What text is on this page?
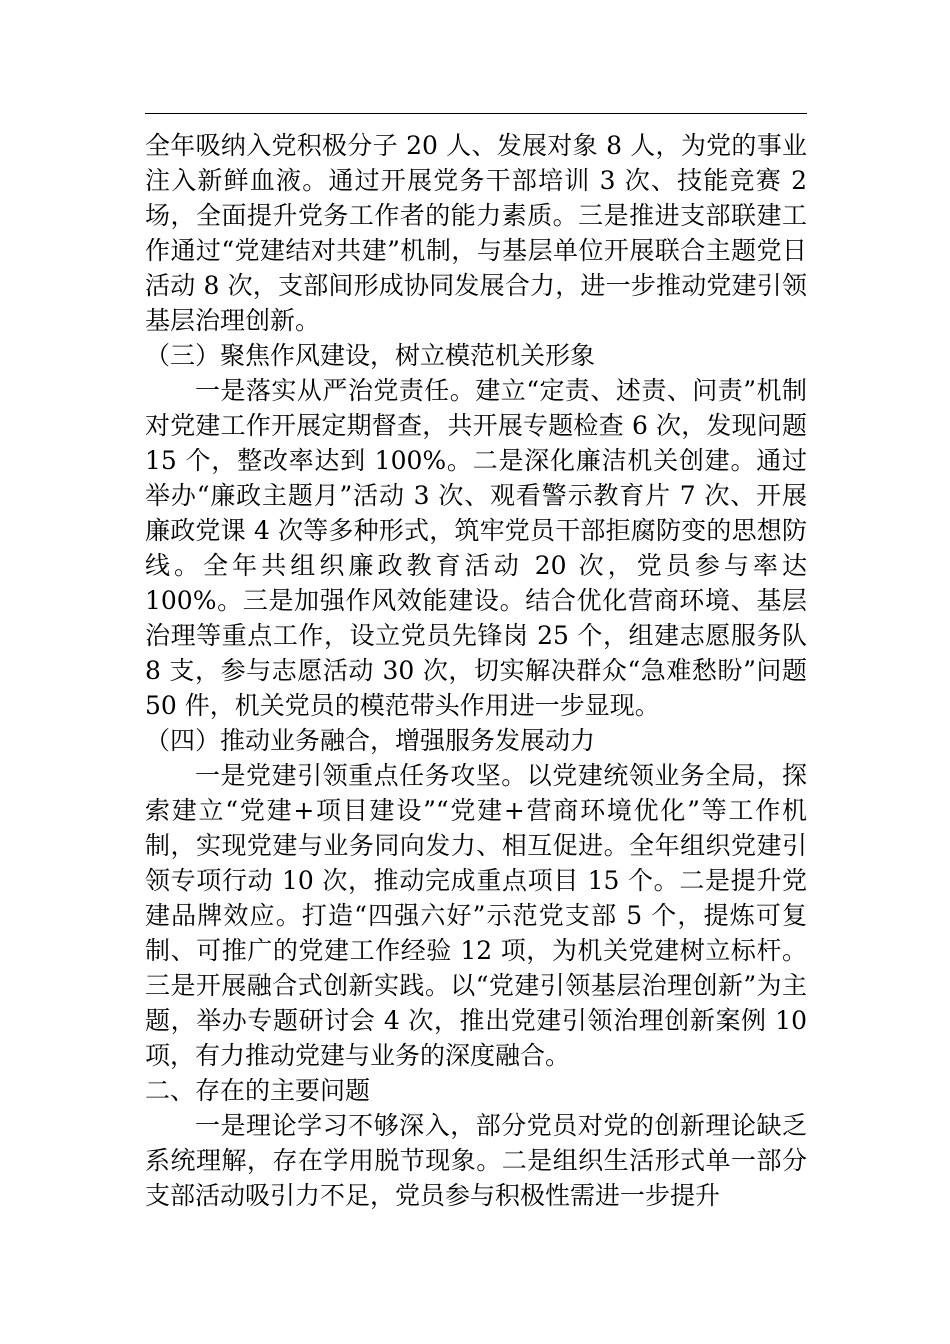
全年吸纳入党积极分子 20 人、发展对象 8 人，为党的事业注入新鲜血液。通过开展党务干部培训 3 次、技能竞赛 2 场，全面提升党务工作者的能力素质。三是推进支部联建工作通过“党建结对共建”机制，与基层单位开展联合主题党日活动 8 次，支部间形成协同发展合力，进一步推动党建引领基层治理创新。

（三）聚焦作风建设，树立模范机关形象

一是落实从严治党责任。建立“定责、述责、问责”机制对党建工作开展定期督查，共开展专题检查 6 次，发现问题 15 个，整改率达到 100%。二是深化廉洁机关创建。通过举办“廉政主题月”活动 3 次、观看警示教育片 7 次、开展廉政党课 4 次等多种形式，筑牢党员干部拒腐防变的思想防线。全年共组织廉政教育活动 20 次，党员参与率达 100%。三是加强作风效能建设。结合优化营商环境、基层治理等重点工作，设立党员先锋岗 25 个，组建志愿服务队 8 支，参与志愿活动 30 次，切实解决群众“急难愁盼”问题 50 件，机关党员的模范带头作用进一步显现。

（四）推动业务融合，增强服务发展动力

一是党建引领重点任务攻坚。以党建统领业务全局，探索建立“党建+项目建设”“党建+营商环境优化”等工作机制，实现党建与业务同向发力、相互促进。全年组织党建引领专项行动 10 次，推动完成重点项目 15 个。二是提升党建品牌效应。打造“四强六好”示范党支部 5 个，提炼可复制、可推广的党建工作经验 12 项，为机关党建树立标杆。三是开展融合式创新实践。以“党建引领基层治理创新”为主题，举办专题研讨会 4 次，推出党建引领治理创新案例 10 项，有力推动党建与业务的深度融合。

二、存在的主要问题

一是理论学习不够深入，部分党员对党的创新理论缺乏系统理解，存在学用脱节现象。二是组织生活形式单一部分支部活动吸引力不足，党员参与积极性需进一步提升
